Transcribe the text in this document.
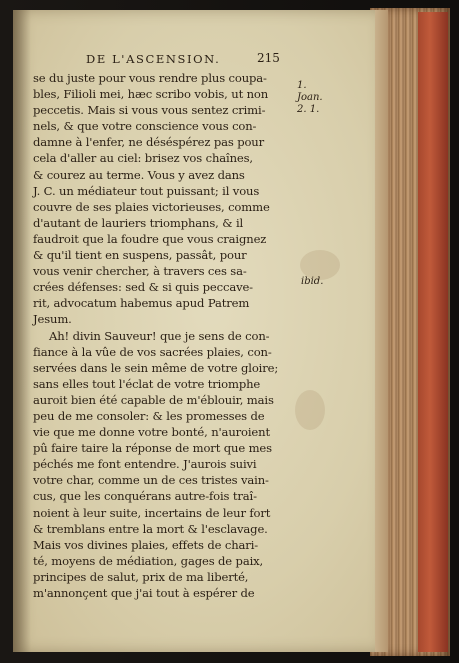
DE L'ASCENSION.	215
1. Joan. 2. 1.
ibid.
se du juste pour vous rendre plus coupa-
bles, Filioli mei, hæc scribo vobis, ut non
peccetis. Mais si vous vous sentez crimi-
nels, & que votre conscience vous con-
damne à l'enfer, ne déséspérez pas pour
cela d'aller au ciel: brisez vos chaînes,
& courez au terme. Vous y avez dans
J. C. un médiateur tout puissant; il vous
couvre de ses plaies victorieuses, comme
d'autant de lauriers triomphans, & il
faudroit que la foudre que vous craignez
& qu'il tient en suspens, passât, pour
vous venir chercher, à travers ces sa-
crées défenses: sed & si quis peccave-
rit, advocatum habemus apud Patrem
Jesum.
Ah! divin Sauveur! que je sens de con-
fiance à la vûe de vos sacrées plaies, con-
servées dans le sein même de votre gloire;
sans elles tout l'éclat de votre triomphe
auroit bien été capable de m'éblouir, mais
peu de me consoler: & les promesses de
vie que me donne votre bonté, n'auroient
pû faire taire la réponse de mort que mes
péchés me font entendre. J'aurois suivi
votre char, comme un de ces tristes vain-
cus, que les conquérans autre-fois traî-
noient à leur suite, incertains de leur fort
& tremblans entre la mort & l'esclavage.
Mais vos divines plaies, effets de chari-
té, moyens de médiation, gages de paix,
principes de salut, prix de ma liberté,
m'annonçent que j'ai tout à espérer de
